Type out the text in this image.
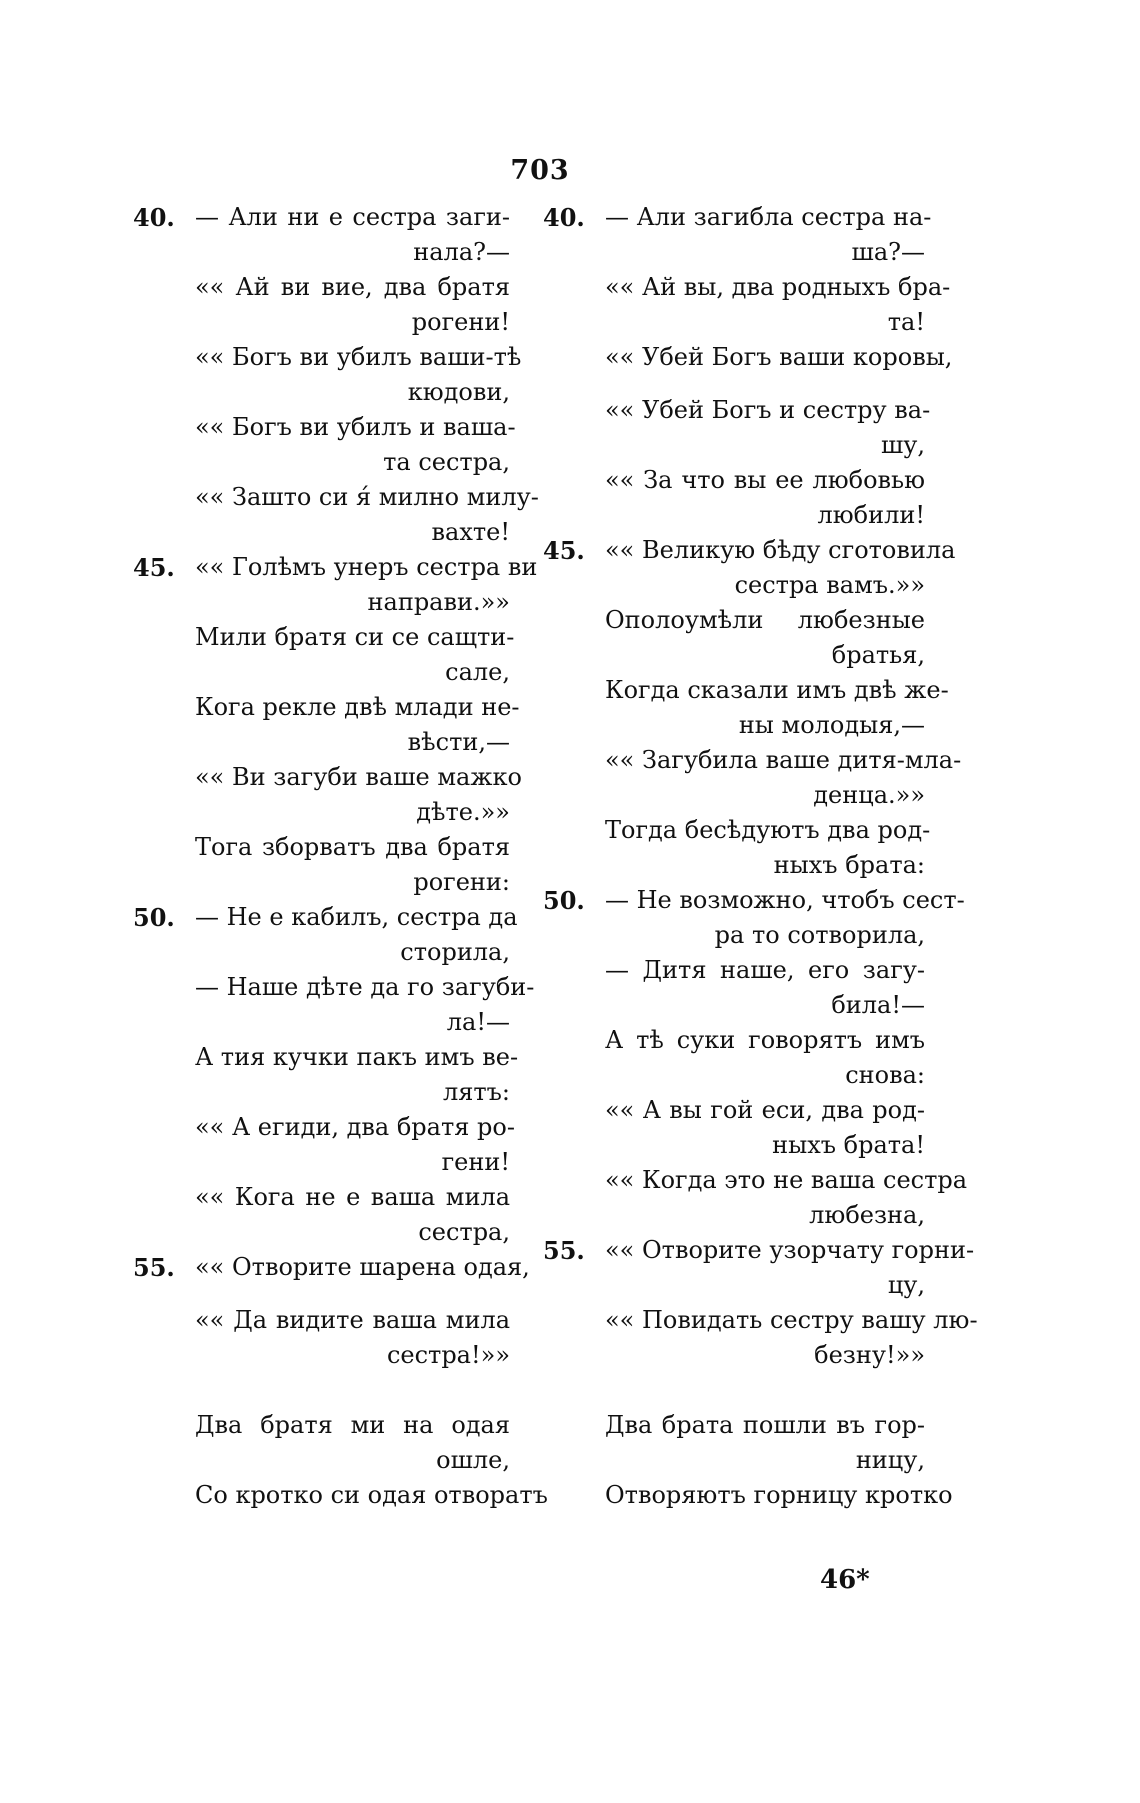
703
40. — Али ни е сестра заги-
нала?—
«« Ай ви вие, два братя
рогени!
«« Богъ ви убилъ ваши-тѣ
кюдови,
«« Богъ ви убилъ и ваша-
та сестра,
«« Зашто си я́ милно милу-
вахте!
45. «« Голѣмъ унеръ сестра ви
направи.»»
Мили братя си се сащти-
сале,
Кога рекле двѣ млади не-
вѣсти,—
«« Ви загуби ваше мажко
дѣте.»»
Тога зборватъ два братя
рогени:
50. — Не е кабилъ, сестра да
сторила,
— Наше дѣте да го загуби-
ла!—
А тия кучки пакъ имъ ве-
лятъ:
«« А егиди, два братя ро-
гени!
«« Кога не е ваша мила
сестра,
55. «« Отворите шарена одая,
«« Да видите ваша мила
сестра!»»
Два братя ми на одая
ошле,
Со кротко си одая отворатъ
40. — Али загибла сестра на-
ша?—
«« Ай вы, два родныхъ бра-
та!
«« Убей Богъ ваши коровы,
«« Убей Богъ и сестру ва-
шу,
«« За что вы ее любовью
любили!
45. «« Великую бѣду сготовила
сестра вамъ.»»
Ополоумѣли любезные
братья,
Когда сказали имъ двѣ же-
ны молодыя,—
«« Загубила ваше дитя-мла-
денца.»»
Тогда бесѣдуютъ два род-
ныхъ брата:
50. — Не возможно, чтобъ сест-
ра то сотворила,
— Дитя наше, его загу-
била!—
А тѣ суки говорятъ имъ
снова:
«« А вы гой еси, два род-
ныхъ брата!
«« Когда это не ваша сестра
любезна,
55. «« Отворите узорчату горни-
цу,
«« Повидать сестру вашу лю-
безну!»»
Два брата пошли въ гор-
ницу,
Отворяютъ горницу кротко
46*
